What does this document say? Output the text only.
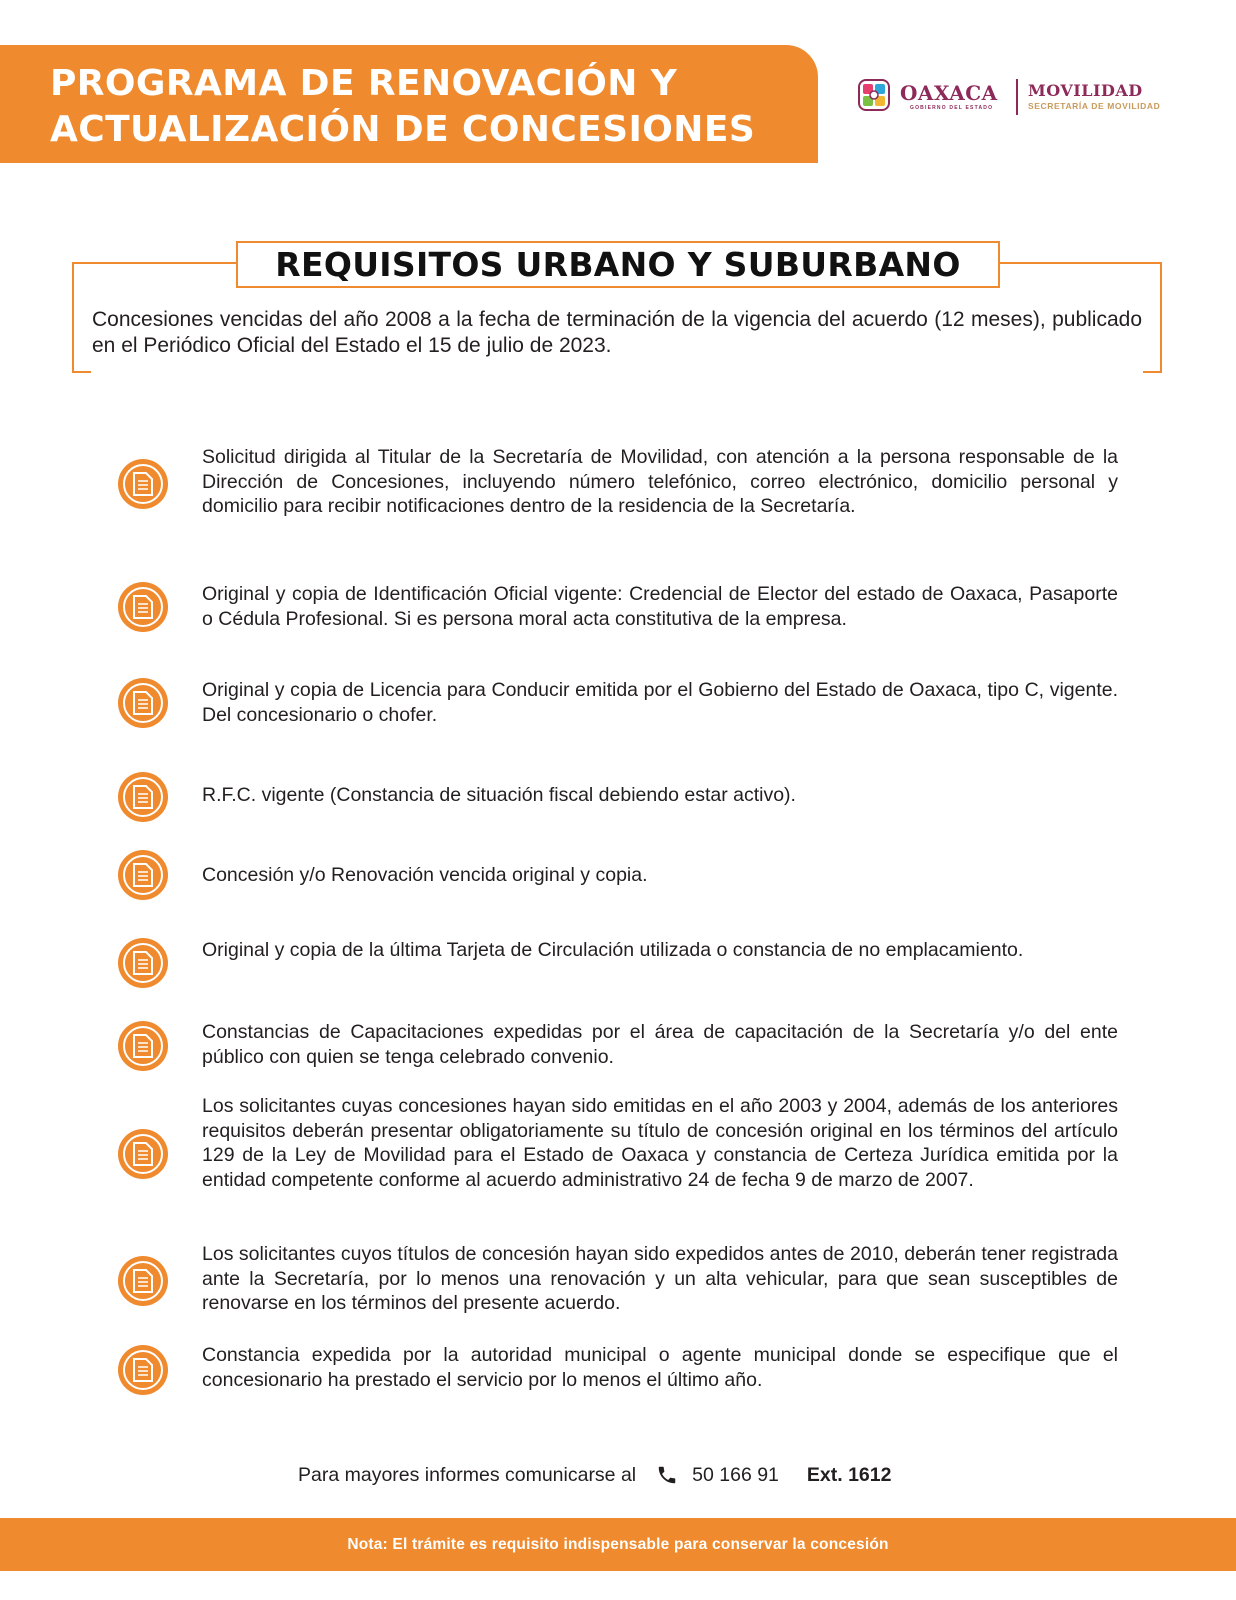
PROGRAMA DE RENOVACIÓN Y
ACTUALIZACIÓN DE CONCESIONES
OAXACA
GOBIERNO DEL ESTADO
MOVILIDAD
SECRETARÍA DE MOVILIDAD
REQUISITOS URBANO Y SUBURBANO

Concesiones vencidas del año 2008 a la fecha de terminación de la vigencia del acuerdo (12 meses), publicado en el Periódico Oficial del Estado el 15 de julio de 2023.

Solicitud dirigida al Titular de la Secretaría de Movilidad, con atención a la persona responsable de la Dirección de Concesiones, incluyendo número telefónico, correo electrónico, domicilio personal y domicilio para recibir notificaciones dentro de la residencia de la Secretaría.

Original y copia de Identificación Oficial vigente: Credencial de Elector del estado de Oaxaca, Pasaporte o Cédula Profesional. Si es persona moral acta constitutiva de la empresa.

Original y copia de Licencia para Conducir emitida por el Gobierno del Estado de Oaxaca, tipo C, vigente. Del concesionario o chofer.

R.F.C. vigente (Constancia de situación fiscal debiendo estar activo).

Concesión y/o Renovación vencida original y copia.

Original y copia de la última Tarjeta de Circulación utilizada o constancia de no emplacamiento.

Constancias de Capacitaciones expedidas por el área de capacitación de la Secretaría y/o del ente público con quien se tenga celebrado convenio.

Los solicitantes cuyas concesiones hayan sido emitidas en el año 2003 y 2004, además de los anteriores requisitos deberán presentar obligatoriamente su título de concesión original en los términos del artículo 129 de la Ley de Movilidad para el Estado de Oaxaca y constancia de Certeza Jurídica emitida por la entidad competente conforme al acuerdo administrativo 24 de fecha 9 de marzo de 2007.

Los solicitantes cuyos títulos de concesión hayan sido expedidos antes de 2010, deberán tener registrada ante la Secretaría, por lo menos una renovación y un alta vehicular, para que sean susceptibles de renovarse en los términos del presente acuerdo.

Constancia expedida por la autoridad municipal o agente municipal donde se especifique que el concesionario ha prestado el servicio por lo menos el último año.

Para mayores informes comunicarse al	50 166 91 Ext. 1612
Nota: El trámite es requisito indispensable para conservar la concesión
